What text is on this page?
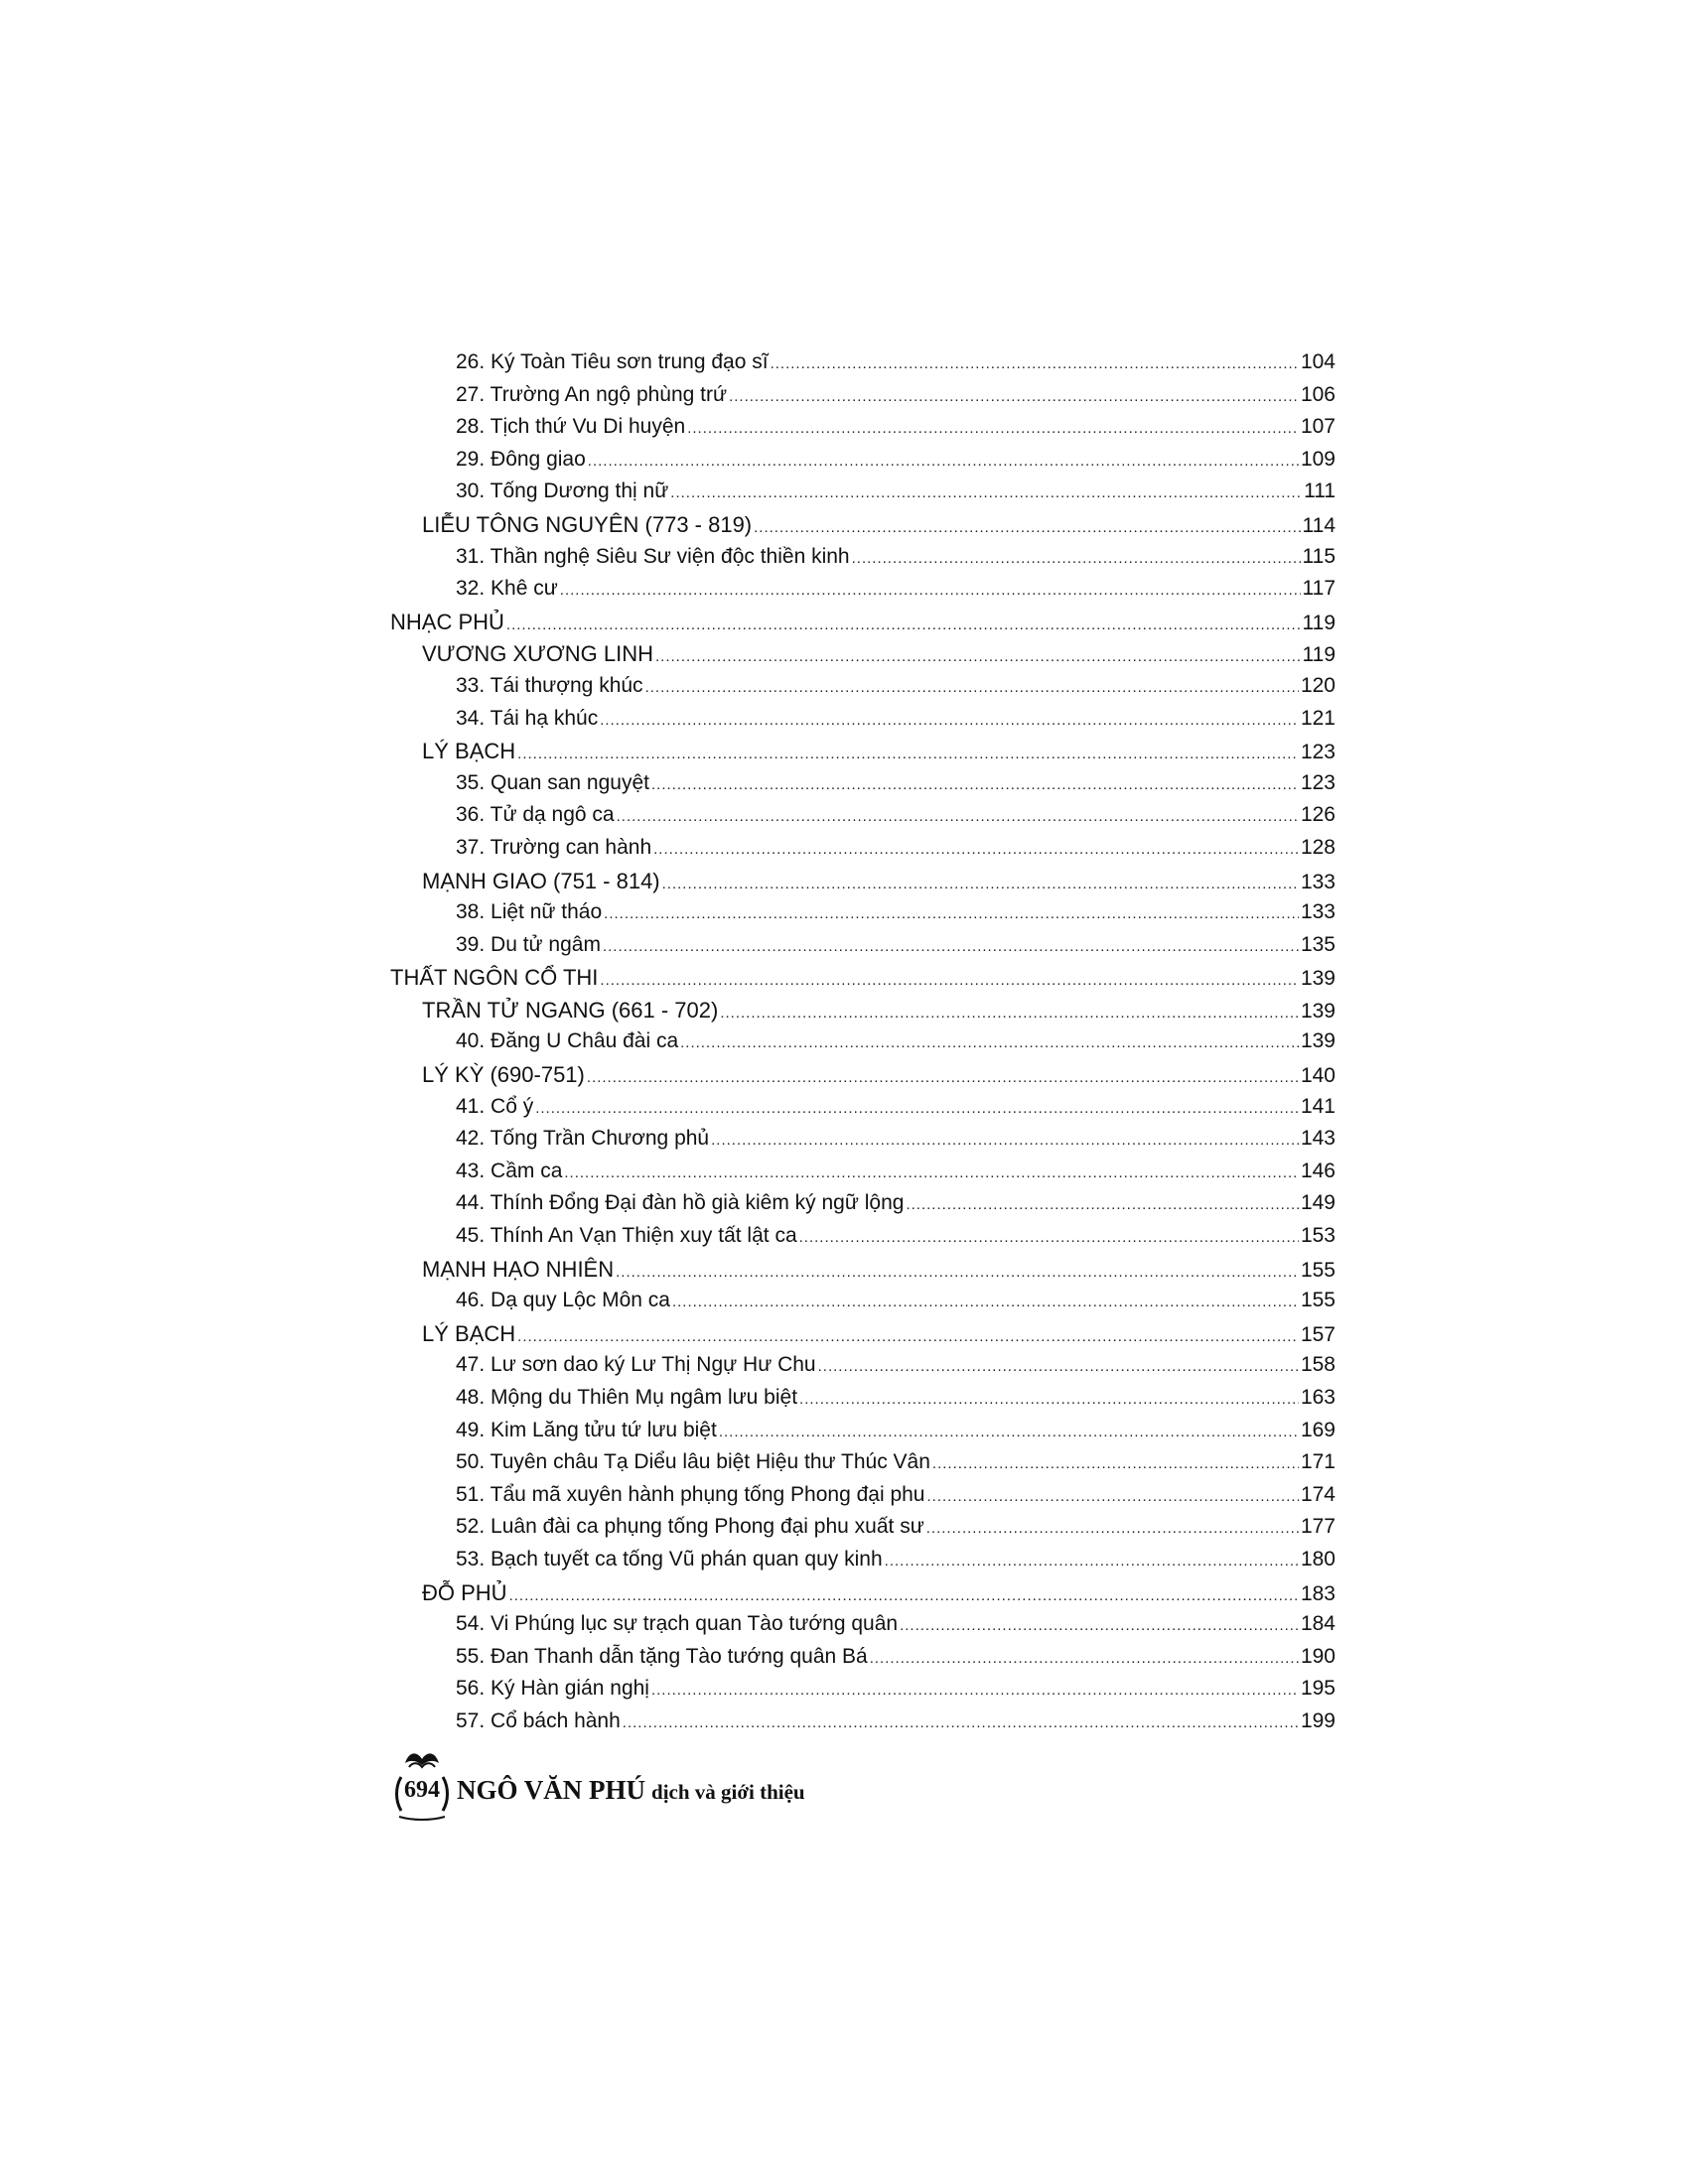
26. Ký Toàn Tiêu sơn trung đạo sĩ .....	104
27. Trường An ngộ phùng trứ .....	106
28. Tịch thứ Vu Di huyện .....	107
29. Đông giao .....	109
30. Tống Dương thị nữ .....	111
LIỄU TÔNG NGUYÊN (773 - 819) .....	114
31. Thần nghệ Siêu Sư viện độc thiền kinh .....	115
32. Khê cư .....	117
NHẠC PHỦ .....	119
VƯƠNG XƯƠNG LINH .....	119
33. Tái thượng khúc .....	120
34. Tái hạ khúc .....	121
LÝ BẠCH .....	123
35. Quan san nguyệt .....	123
36. Tử dạ ngô ca .....	126
37. Trường can hành .....	128
MẠNH GIAO (751 - 814) .....	133
38. Liệt nữ tháo .....	133
39. Du tử ngâm .....	135
THẤT NGÔN CỔ THI .....	139
TRẦN TỬ NGANG (661 - 702) .....	139
40. Đăng U Châu đài ca .....	139
LÝ KỲ (690-751) .....	140
41. Cổ ý .....	141
42. Tống Trần Chương phủ .....	143
43. Cầm ca .....	146
44. Thính Đổng Đại đàn hồ già kiêm ký ngữ lộng .....	149
45. Thính An Vạn Thiện xuy tất lật ca .....	153
MẠNH HẠO NHIÊN .....	155
46. Dạ quy Lộc Môn ca .....	155
LÝ BẠCH .....	157
47. Lư sơn dao ký Lư Thị Ngự Hư Chu .....	158
48. Mộng du Thiên Mụ ngâm lưu biệt .....	163
49. Kim Lăng tửu tứ lưu biệt .....	169
50. Tuyên châu Tạ Diểu lâu biệt Hiệu thư Thúc Vân .....	171
51. Tẩu mã xuyên hành phụng tống Phong đại phu .....	174
52. Luân đài ca phụng tống Phong đại phu xuất sư .....	177
53. Bạch tuyết ca tống Vũ phán quan quy kinh .....	180
ĐỖ PHỦ .....	183
54. Vi Phúng lục sự trạch quan Tào tướng quân .....	184
55. Đan Thanh dẫn tặng Tào tướng quân Bá .....	190
56. Ký Hàn gián nghị .....	195
57. Cổ bách hành .....	199
694 NGÔ VĂN PHÚ dịch và giới thiệu
